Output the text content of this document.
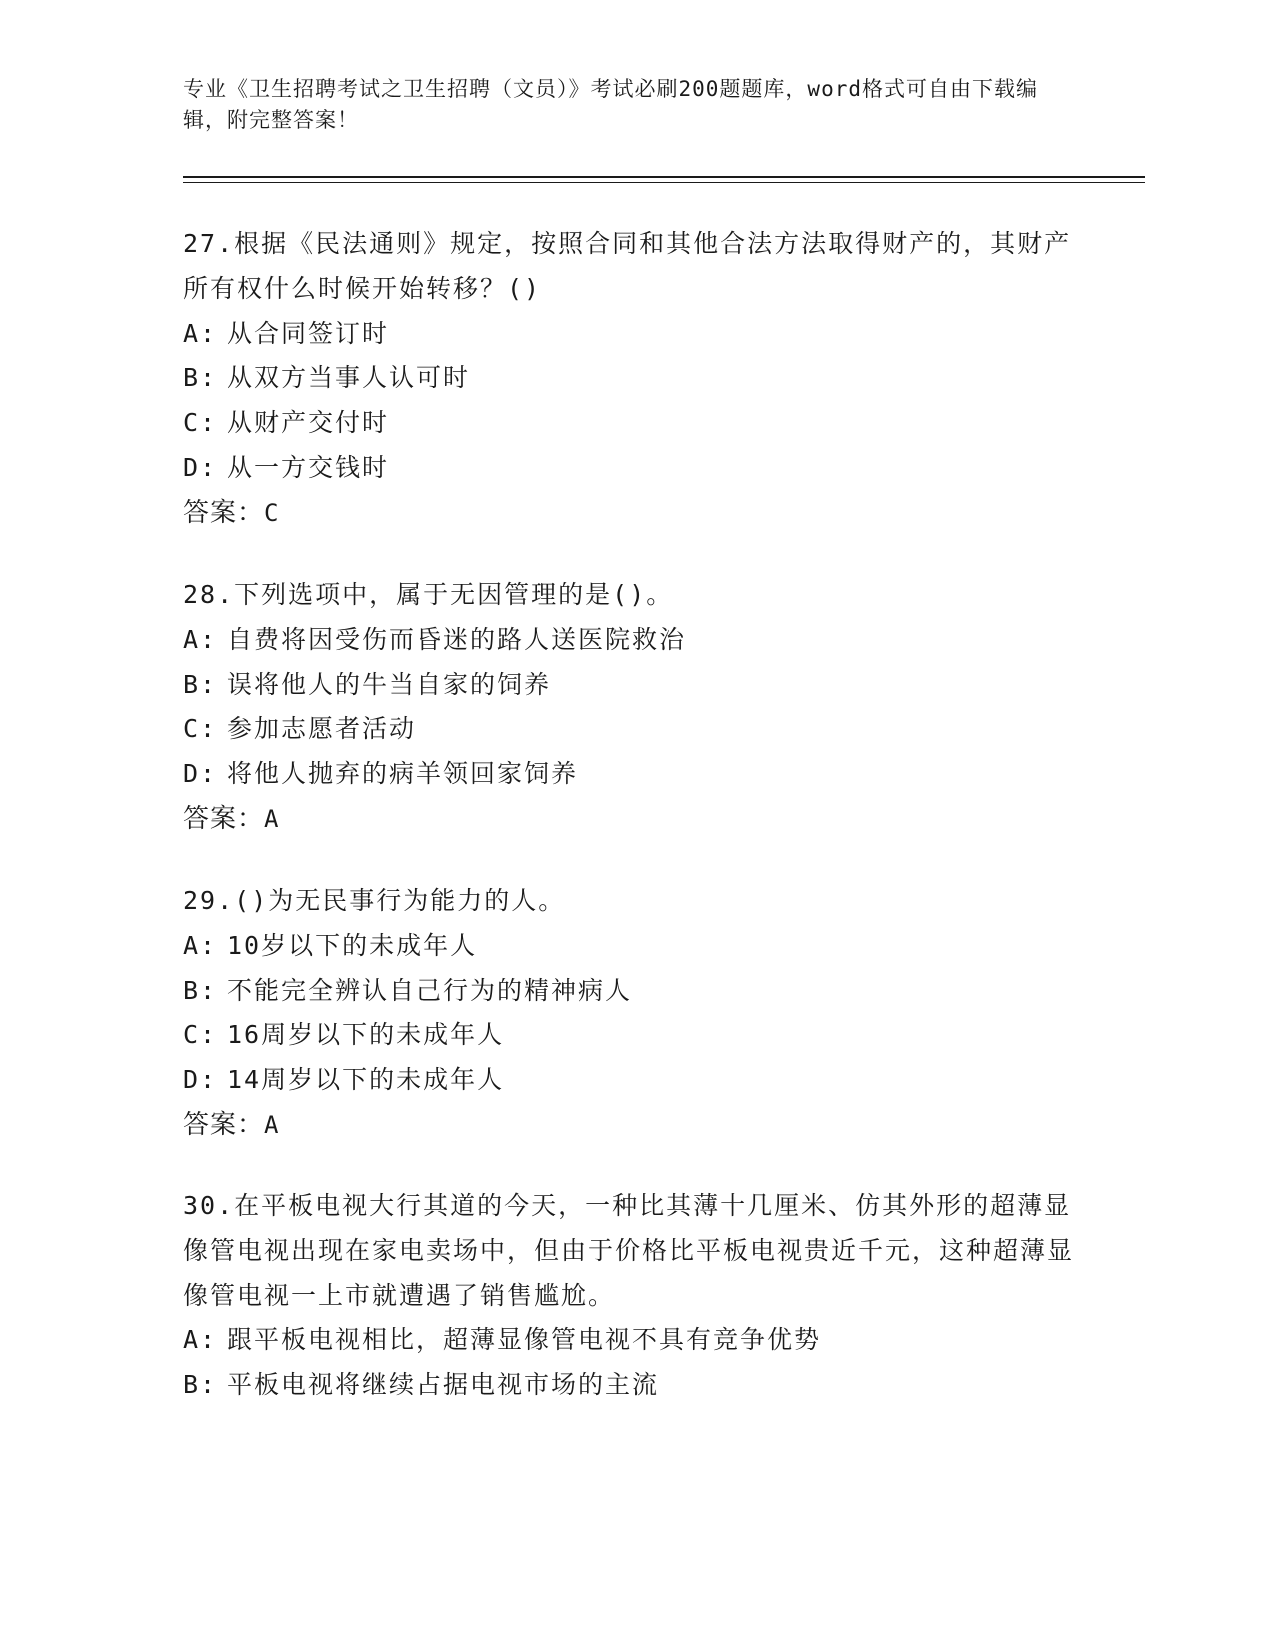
专业《卫生招聘考试之卫生招聘（文员）》考试必刷200题题库，word格式可自由下载编辑，附完整答案！

27.根据《民法通则》规定，按照合同和其他合法方法取得财产的，其财产所有权什么时候开始转移？()

A: 从合同签订时

B: 从双方当事人认可时

C: 从财产交付时

D: 从一方交钱时

答案：C

28.下列选项中，属于无因管理的是()。

A: 自费将因受伤而昏迷的路人送医院救治

B: 误将他人的牛当自家的饲养

C: 参加志愿者活动

D: 将他人抛弃的病羊领回家饲养

答案：A

29.()为无民事行为能力的人。

A: 10岁以下的未成年人

B: 不能完全辨认自己行为的精神病人

C: 16周岁以下的未成年人

D: 14周岁以下的未成年人

答案：A

30.在平板电视大行其道的今天，一种比其薄十几厘米、仿其外形的超薄显像管电视出现在家电卖场中，但由于价格比平板电视贵近千元，这种超薄显像管电视一上市就遭遇了销售尴尬。

A: 跟平板电视相比，超薄显像管电视不具有竞争优势

B: 平板电视将继续占据电视市场的主流
